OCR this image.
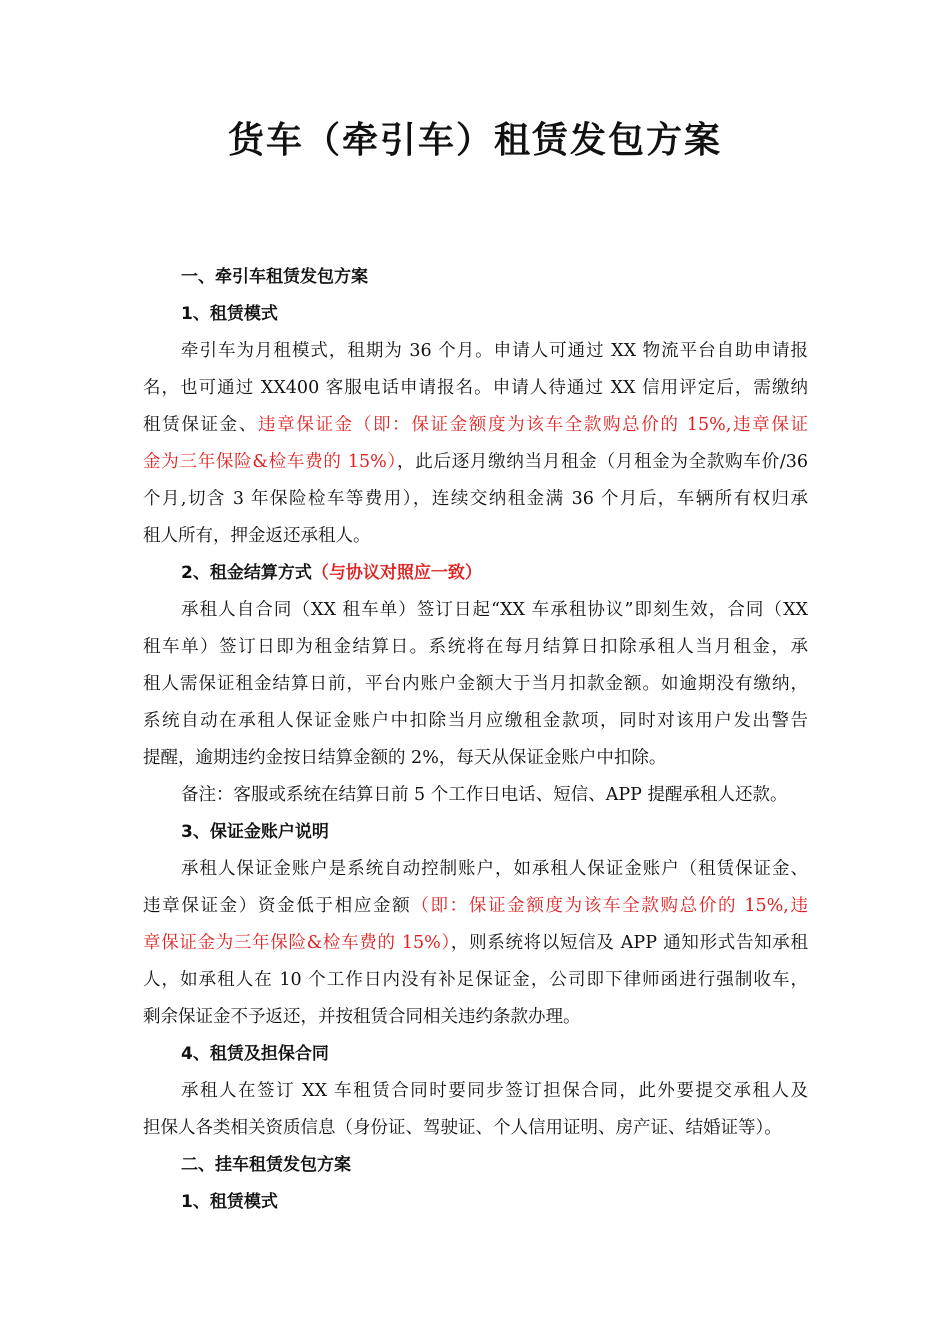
货车（牵引车）租赁发包方案

一、牵引车租赁发包方案

1、租赁模式

牵引车为月租模式，租期为 36 个月。申请人可通过 XX 物流平台自助申请报

名，也可通过 XX400 客服电话申请报名。申请人待通过 XX 信用评定后，需缴纳

租赁保证金、违章保证金（即：保证金额度为该车全款购总价的 15%,违章保证

金为三年保险&检车费的 15%），此后逐月缴纳当月租金（月租金为全款购车价/36

个月,切含 3 年保险检车等费用），连续交纳租金满 36 个月后，车辆所有权归承

租人所有，押金返还承租人。

2、租金结算方式（与协议对照应一致）

承租人自合同（XX 租车单）签订日起“XX 车承租协议”即刻生效，合同（XX

租车单）签订日即为租金结算日。系统将在每月结算日扣除承租人当月租金，承

租人需保证租金结算日前，平台内账户金额大于当月扣款金额。如逾期没有缴纳，

系统自动在承租人保证金账户中扣除当月应缴租金款项，同时对该用户发出警告

提醒，逾期违约金按日结算金额的 2%，每天从保证金账户中扣除。

备注：客服或系统在结算日前 5 个工作日电话、短信、APP 提醒承租人还款。

3、保证金账户说明

承租人保证金账户是系统自动控制账户，如承租人保证金账户（租赁保证金、

违章保证金）资金低于相应金额（即：保证金额度为该车全款购总价的 15%,违

章保证金为三年保险&检车费的 15%），则系统将以短信及 APP 通知形式告知承租

人，如承租人在 10 个工作日内没有补足保证金，公司即下律师函进行强制收车，

剩余保证金不予返还，并按租赁合同相关违约条款办理。

4、租赁及担保合同

承租人在签订 XX 车租赁合同时要同步签订担保合同，此外要提交承租人及

担保人各类相关资质信息（身份证、驾驶证、个人信用证明、房产证、结婚证等）。

二、挂车租赁发包方案

1、租赁模式
